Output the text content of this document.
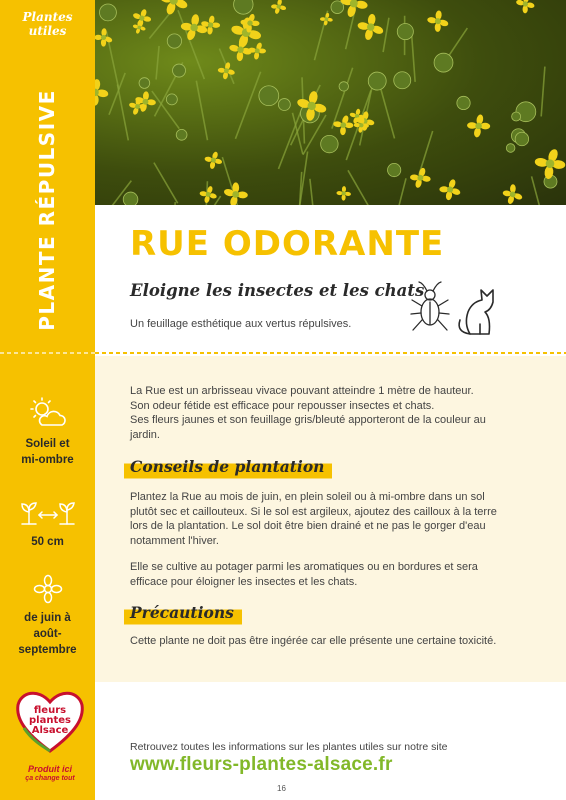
Plantes
utiles
PLANTE RÉPULSIVE
Soleil et
mi-ombre
50 cm
de juin à
août-
septembre
fleurs
plantes
Alsace
Produit ici
ça change tout
RUE ODORANTE
Eloigne les insectes et les chats
Un feuillage esthétique aux vertus répulsives.
La Rue est un arbrisseau vivace pouvant atteindre 1 mètre de hauteur.
Son odeur fétide est efficace pour repousser insectes et chats.
Ses fleurs jaunes et son feuillage gris/bleuté apporteront de la couleur au
jardin.
Conseils de plantation
Plantez la Rue au mois de juin, en plein soleil ou à mi-ombre dans un sol
plutôt sec et caillouteux. Si le sol est argileux, ajoutez des cailloux à la terre
lors de la plantation. Le sol doit être bien drainé et ne pas le gorger d'eau
notamment l'hiver.
Elle se cultive au potager parmi les aromatiques ou en bordures et sera
efficace pour éloigner les insectes et les chats.
Précautions
Cette plante ne doit pas être ingérée car elle présente une certaine toxicité.
Retrouvez toutes les informations sur les plantes utiles sur notre site
www.fleurs-plantes-alsace.fr
16
